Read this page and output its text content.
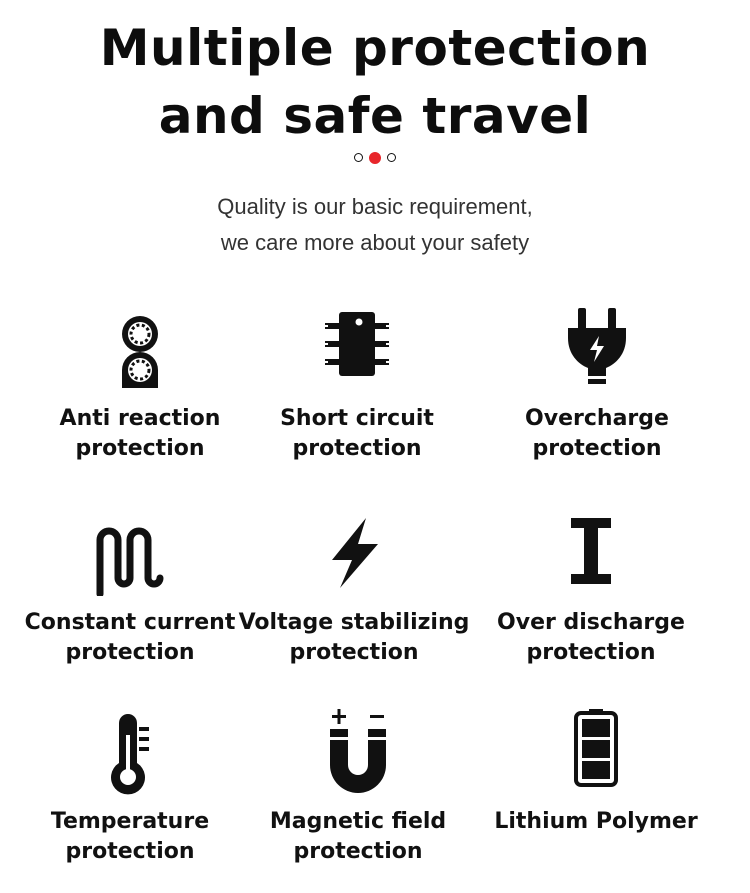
Multiple protection
and safe travel
Quality is our basic requirement,
we care more about your safety
Anti reaction
protection
Short circuit
protection
Overcharge
protection
Constant current
protection
Voltage stabilizing
protection
Over discharge
protection
Temperature
protection
Magnetic field
protection
Lithium Polymer
